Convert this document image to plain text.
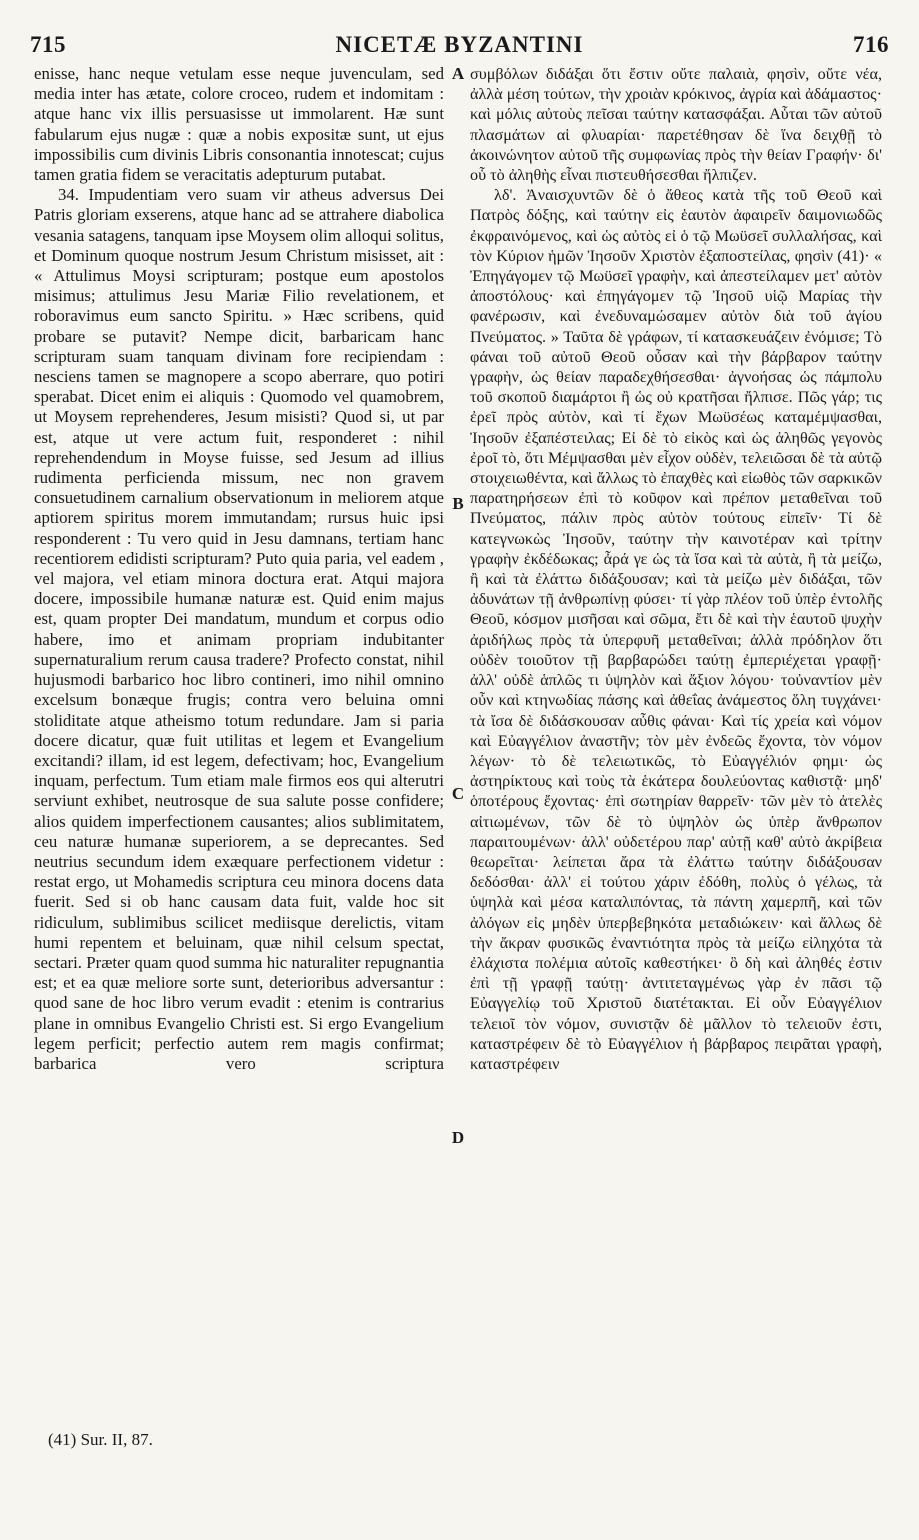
715	NICETÆ BYZANTINI	716

enisse, hanc neque vetulam esse neque juvenculam, sed media inter has ætate, colore croceo, rudem et indomitam : atque hanc vix illis persuasisse ut immolarent. Hæ sunt fabularum ejus nugæ : quæ a nobis expositæ sunt, ut ejus impossibilis cum divinis Libris consonantia innotescat; cujus tamen gratia fidem se veracitatis adepturum putabat.

34. Impudentiam vero suam vir atheus adversus Dei Patris gloriam exserens, atque hanc ad se attrahere diabolica vesania satagens, tanquam ipse Moysem olim alloqui solitus, et Dominum quoque nostrum Jesum Christum misisset, ait : « Attulimus Moysi scripturam; postque eum apostolos misimus; attulimus Jesu Mariæ Filio revelationem, et roboravimus eum sancto Spiritu. » Hæc scribens, quid probare se putavit? Nempe dicit, barbaricam hanc scripturam suam tanquam divinam fore recipiendam : nesciens tamen se magnopere a scopo aberrare, quo potiri sperabat. Dicet enim ei aliquis : Quomodo vel quamobrem, ut Moysem reprehenderes, Jesum misisti? Quod si, ut par est, atque ut vere actum fuit, responderet : nihil reprehendendum in Moyse fuisse, sed Jesum ad illius rudimenta perficienda missum, nec non gravem consuetudinem carnalium observationum in meliorem atque aptiorem spiritus morem immutandam; rursus huic ipsi responderent : Tu vero quid in Jesu damnans, tertiam hanc recentiorem edidisti scripturam? Puto quia paria, vel eadem , vel majora, vel etiam minora doctura erat. Atqui majora docere, impossibile humanæ naturæ est. Quid enim majus est, quam propter Dei mandatum, mundum et corpus odio habere, imo et animam propriam indubitanter supernaturalium rerum causa tradere? Profecto constat, nihil hujusmodi barbarico hoc libro contineri, imo nihil omnino excelsum bonæque frugis; contra vero beluina omni stoliditate atque atheismo totum redundare. Jam si paria docere dicatur, quæ fuit utilitas et legem et Evangelium excitandi? illam, id est legem, defectivam; hoc, Evangelium inquam, perfectum. Tum etiam male firmos eos qui alterutri serviunt exhibet, neutrosque de sua salute posse confidere; alios quidem imperfectionem causantes; alios sublimitatem, ceu naturæ humanæ superiorem, a se deprecantes. Sed neutrius secundum idem exæquare perfectionem videtur : restat ergo, ut Mohamedis scriptura ceu minora docens data fuerit. Sed si ob hanc causam data fuit, valde hoc sit ridiculum, sublimibus scilicet mediisque derelictis, vitam humi repentem et beluinam, quæ nihil celsum spectat, sectari. Præter quam quod summa hic naturaliter repugnantia est; et ea quæ meliore sorte sunt, deterioribus adversantur : quod sane de hoc libro verum evadit : etenim is contrarius plane in omnibus Evangelio Christi est. Si ergo Evangelium legem perficit; perfectio autem rem magis confirmat; barbarica vero scriptura

A
B
C
D

συμβόλων διδάξαι ὅτι ἔστιν οὔτε παλαιὰ, φησὶν, οὔτε νέα, ἀλλὰ μέση τούτων, τὴν χροιὰν κρόκινος, ἀγρία καὶ ἀδάμαστος· καὶ μόλις αὐτοὺς πεῖσαι ταύτην κατασφάξαι. Αὗται τῶν αὐτοῦ πλασμάτων αἱ φλυαρίαι· παρετέθησαν δὲ ἵνα δειχθῇ τὸ ἀκοινώνητον αὐτοῦ τῆς συμφωνίας πρὸς τὴν θείαν Γραφήν· δι' οὗ τὸ ἀληθὴς εἶναι πιστευθήσεσθαι ἤλπιζεν.

λδ'. Ἀναισχυντῶν δὲ ὁ ἄθεος κατὰ τῆς τοῦ Θεοῦ καὶ Πατρὸς δόξης, καὶ ταύτην εἰς ἑαυτὸν ἀφαιρεῖν δαιμονιωδῶς ἐκφραινόμενος, καὶ ὡς αὐτὸς εἰ ὁ τῷ Μωϋσεῖ συλλαλήσας, καὶ τὸν Κύριον ἡμῶν Ἰησοῦν Χριστὸν ἐξαποστείλας, φησὶν (41)· « Ἐπηγάγομεν τῷ Μωϋσεῖ γραφὴν, καὶ ἀπεστείλαμεν μετ' αὐτὸν ἀποστόλους· καὶ ἐπηγάγομεν τῷ Ἰησοῦ υἱῷ Μαρίας τὴν φανέρωσιν, καὶ ἐνεδυναμώσαμεν αὐτὸν διὰ τοῦ ἁγίου Πνεύματος. » Ταῦτα δὲ γράφων, τί κατασκευάζειν ἐνόμισε; Τὸ φάναι τοῦ αὐτοῦ Θεοῦ οὖσαν καὶ τὴν βάρβαρον ταύτην γραφὴν, ὡς θείαν παραδεχθήσεσθαι· ἀγνοήσας ὡς πάμπολυ τοῦ σκοποῦ διαμάρτοι ἢ ὡς οὐ κρατῆσαι ἤλπισε. Πῶς γάρ; τις ἐρεῖ πρὸς αὐτὸν, καὶ τί ἔχων Μωϋσέως καταμέμψασθαι, Ἰησοῦν ἐξαπέστειλας; Εἰ δὲ τὸ εἰκὸς καὶ ὡς ἀληθῶς γεγονὸς ἐροῖ τὸ, ὅτι Μέμψασθαι μὲν εἶχον οὐδὲν, τελειῶσαι δὲ τὰ αὐτῷ στοιχειωθέντα, καὶ ἄλλως τὸ ἐπαχθὲς καὶ εἰωθὸς τῶν σαρκικῶν παρατηρήσεων ἐπὶ τὸ κοῦφον καὶ πρέπον μεταθεῖναι τοῦ Πνεύματος, πάλιν πρὸς αὐτὸν τούτους εἰπεῖν· Τί δὲ κατεγνωκὼς Ἰησοῦν, ταύτην τὴν καινοτέραν καὶ τρίτην γραφὴν ἐκδέδωκας; ἆρά γε ὡς τὰ ἴσα καὶ τὰ αὐτὰ, ἢ τὰ μείζω, ἢ καὶ τὰ ἐλάττω διδάξουσαν; καὶ τὰ μείζω μὲν διδάξαι, τῶν ἀδυνάτων τῇ ἀνθρωπίνῃ φύσει· τί γὰρ πλέον τοῦ ὑπὲρ ἐντολῆς Θεοῦ, κόσμον μισῆσαι καὶ σῶμα, ἔτι δὲ καὶ τὴν ἑαυτοῦ ψυχὴν ἀριδήλως πρὸς τὰ ὑπερφυῆ μεταθεῖναι; ἀλλὰ πρόδηλον ὅτι οὐδὲν τοιοῦτον τῇ βαρβαρώδει ταύτῃ ἐμπεριέχεται γραφῇ· ἀλλ' οὐδὲ ἁπλῶς τι ὑψηλὸν καὶ ἄξιον λόγου· τοὐναντίον μὲν οὖν καὶ κτηνωδίας πάσης καὶ ἀθεΐας ἀνάμεστος ὅλη τυγχάνει· τὰ ἴσα δὲ διδάσκουσαν αὖθις φάναι· Καὶ τίς χρεία καὶ νόμον καὶ Εὐαγγέλιον ἀναστῆν; τὸν μὲν ἐνδεῶς ἔχοντα, τὸν νόμον λέγων· τὸ δὲ τελειωτικῶς, τὸ Εὐαγγέλιόν φημι· ὡς ἀστηρίκτους καὶ τοὺς τὰ ἑκάτερα δουλεύοντας καθιστᾷ· μηδ' ὁποτέρους ἔχοντας· ἐπὶ σωτηρίαν θαρρεῖν· τῶν μὲν τὸ ἀτελὲς αἰτιωμένων, τῶν δὲ τὸ ὑψηλὸν ὡς ὑπὲρ ἄνθρωπον παραιτουμένων· ἀλλ' οὐδετέρου παρ' αὐτῇ καθ' αὐτὸ ἀκρίβεια θεωρεῖται· λείπεται ἄρα τὰ ἐλάττω ταύτην διδάξουσαν δεδόσθαι· ἀλλ' εἰ τούτου χάριν ἐδόθη, πολὺς ὁ γέλως, τὰ ὑψηλὰ καὶ μέσα καταλιπόντας, τὰ πάντη χαμερπῆ, καὶ τῶν ἀλόγων εἰς μηδὲν ὑπερβεβηκότα μεταδιώκειν· καὶ ἄλλως δὲ τὴν ἄκραν φυσικῶς ἐναντιότητα πρὸς τὰ μείζω εἰληχότα τὰ ἐλάχιστα πολέμια αὐτοῖς καθεστήκει· ὃ δὴ καὶ ἀληθές ἐστιν ἐπὶ τῇ γραφῇ ταύτῃ· ἀντιτεταγμένως γὰρ ἐν πᾶσι τῷ Εὐαγγελίῳ τοῦ Χριστοῦ διατέτακται. Εἰ οὖν Εὐαγγέλιον τελειοῖ τὸν νόμον, συνιστᾷν δὲ μᾶλλον τὸ τελειοῦν ἐστι, καταστρέφειν δὲ τὸ Εὐαγγέλιον ἡ βάρβαρος πειρᾶται γραφὴ, καταστρέφειν

(41) Sur. II, 87.
